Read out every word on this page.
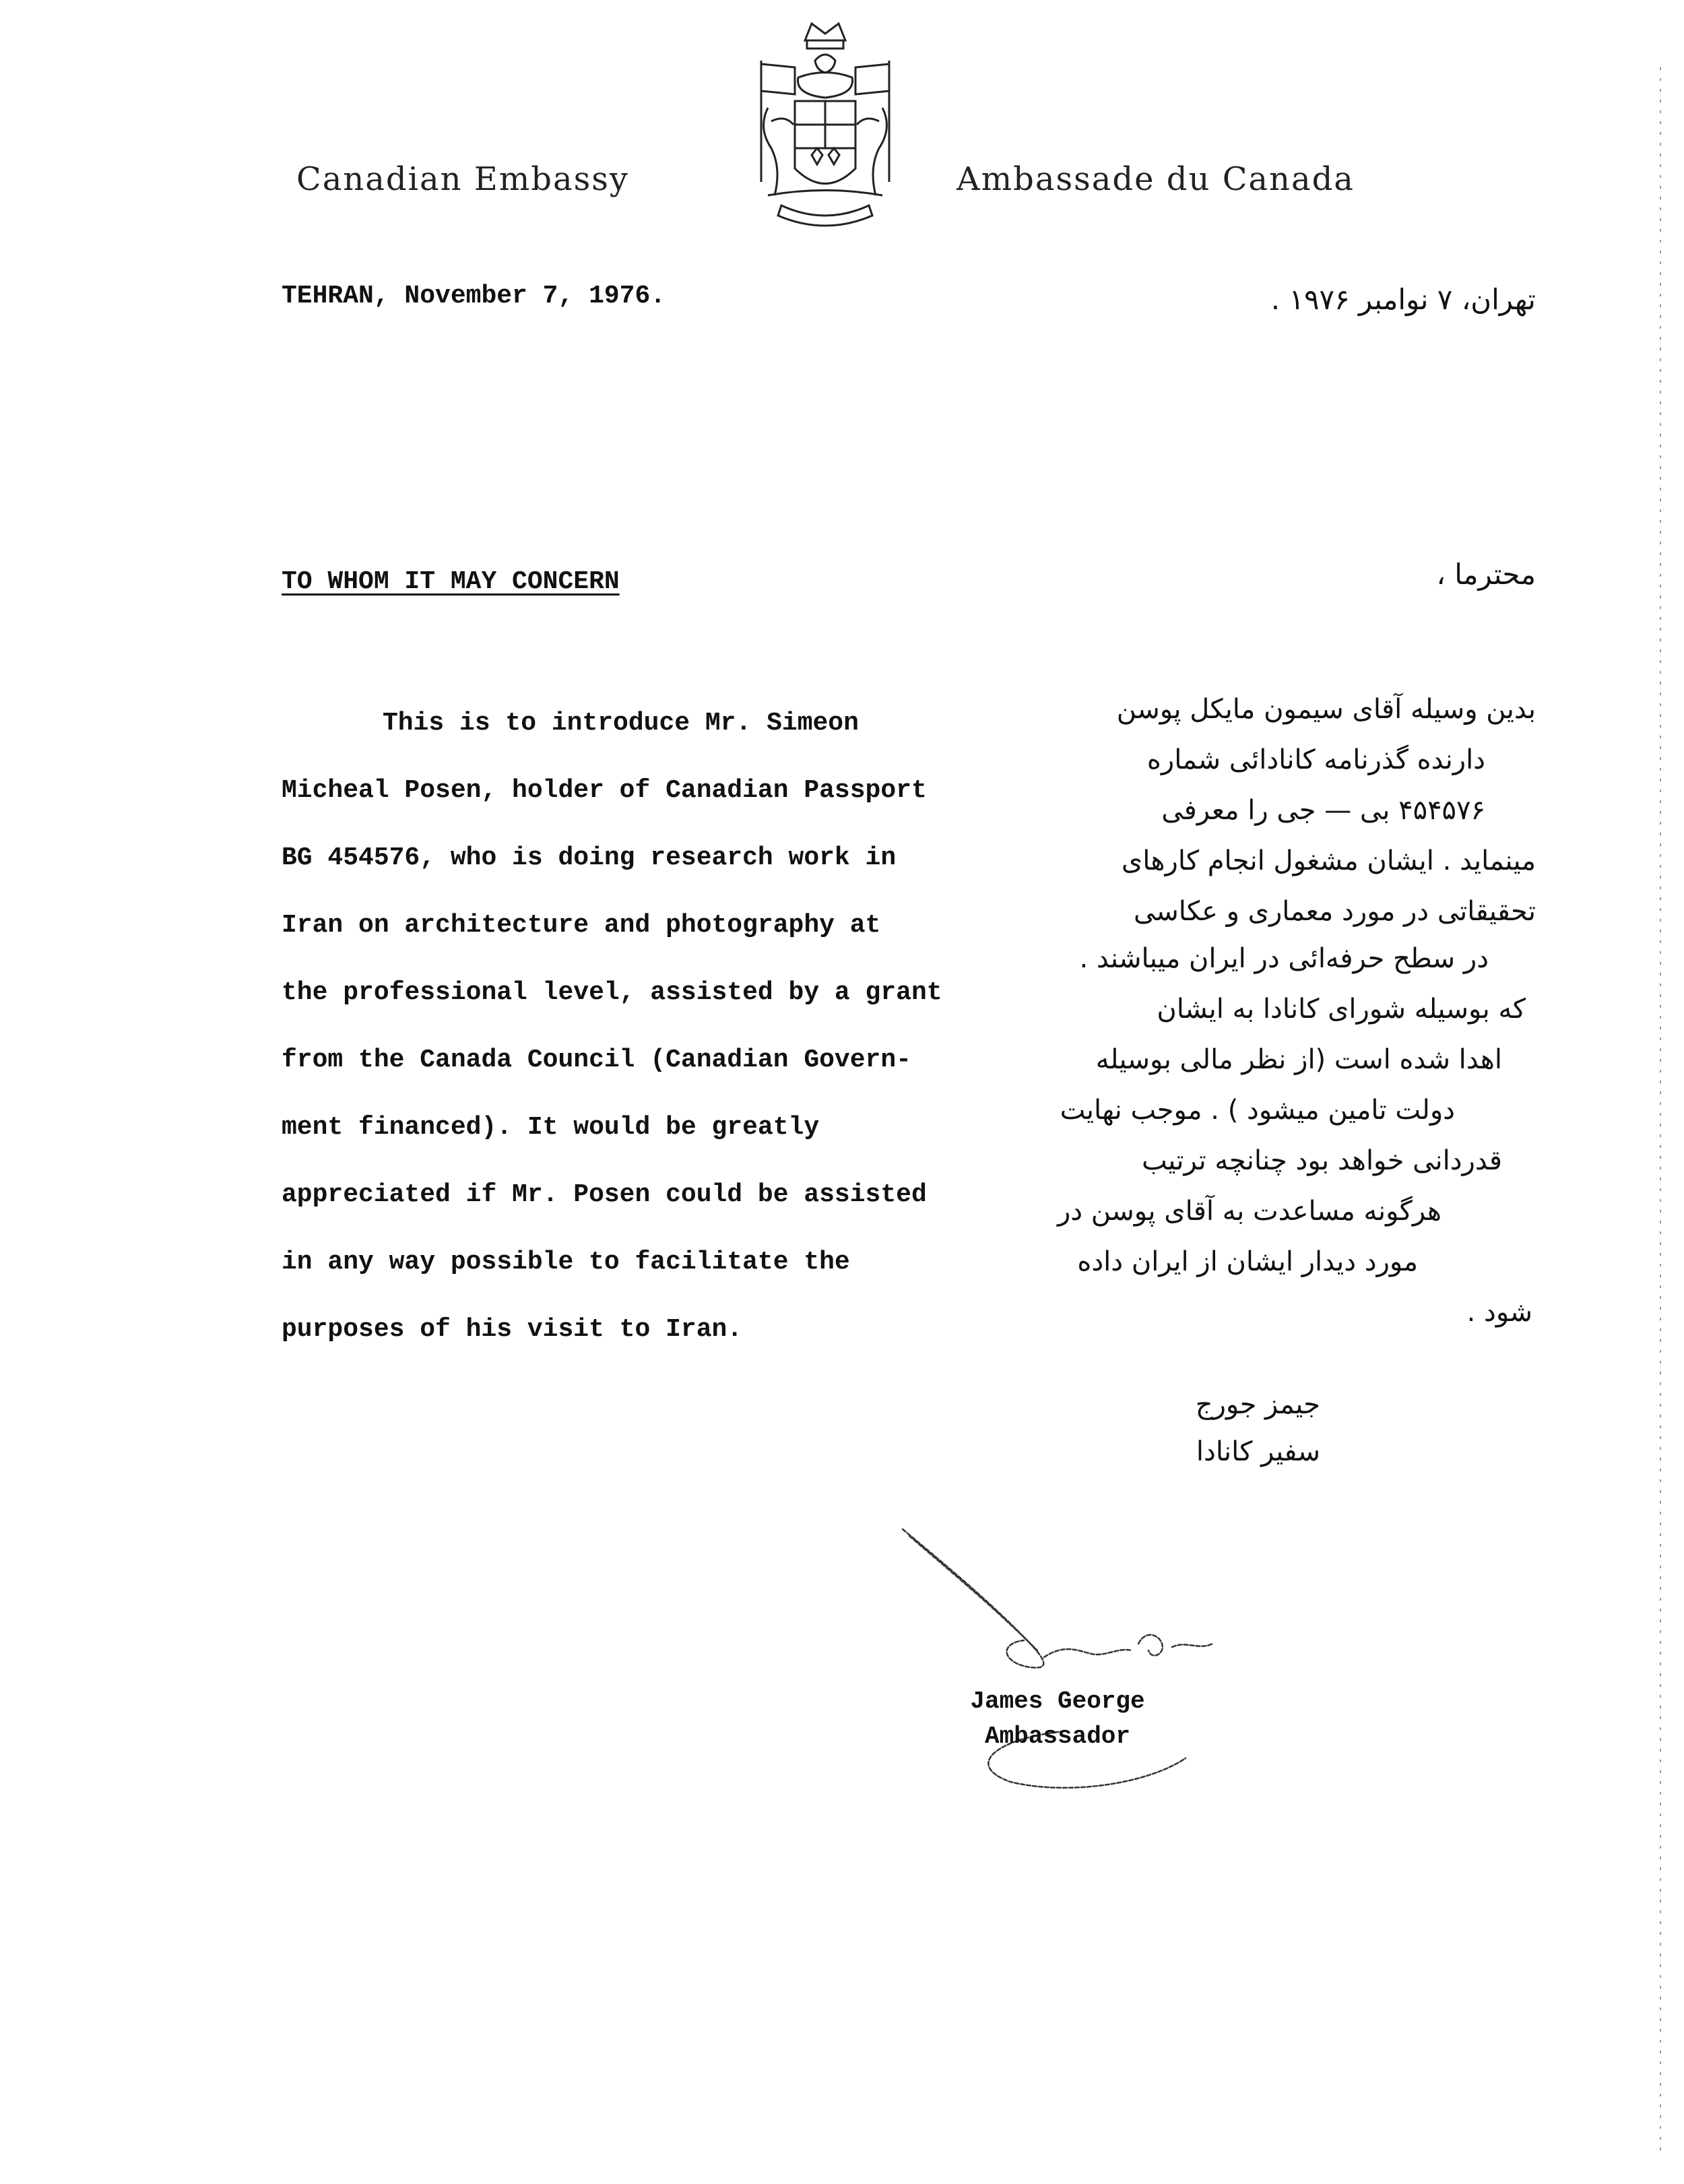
Canadian Embassy	Ambassade du Canada
TEHRAN, November 7, 1976.	تهران، ۷ نوامبر ۱۹۷۶ .
TO WHOM IT MAY CONCERN	محترما ،
This is to introduce Mr. Simeon
Micheal Posen, holder of Canadian Passport
BG 454576, who is doing research work in
Iran on architecture and photography at
the professional level, assisted by a grant
from the Canada Council (Canadian Govern-
ment financed). It would be greatly
appreciated if Mr. Posen could be assisted
in any way possible to facilitate the
purposes of his visit to Iran.
بدین وسیله آقای سیمون مایکل پوسن
دارنده گذرنامه کانادائی شماره
۴۵۴۵۷۶ بی — جی را معرفی
مینماید . ایشان مشغول انجام کارهای
تحقیقاتی در مورد معماری و عکاسی
در سطح حرفه‌ائی در ایران میباشند .
که بوسیله شورای کانادا به ایشان
اهدا شده است (از نظر مالی بوسیله
دولت تامین میشود ) . موجب نهایت
قدردانی خواهد بود چنانچه ترتیب
هرگونه مساعدت به آقای پوسن در
مورد دیدار ایشان از ایران داده
شود .
جیمز جورج
سفیر کانادا
James George
Ambassador
